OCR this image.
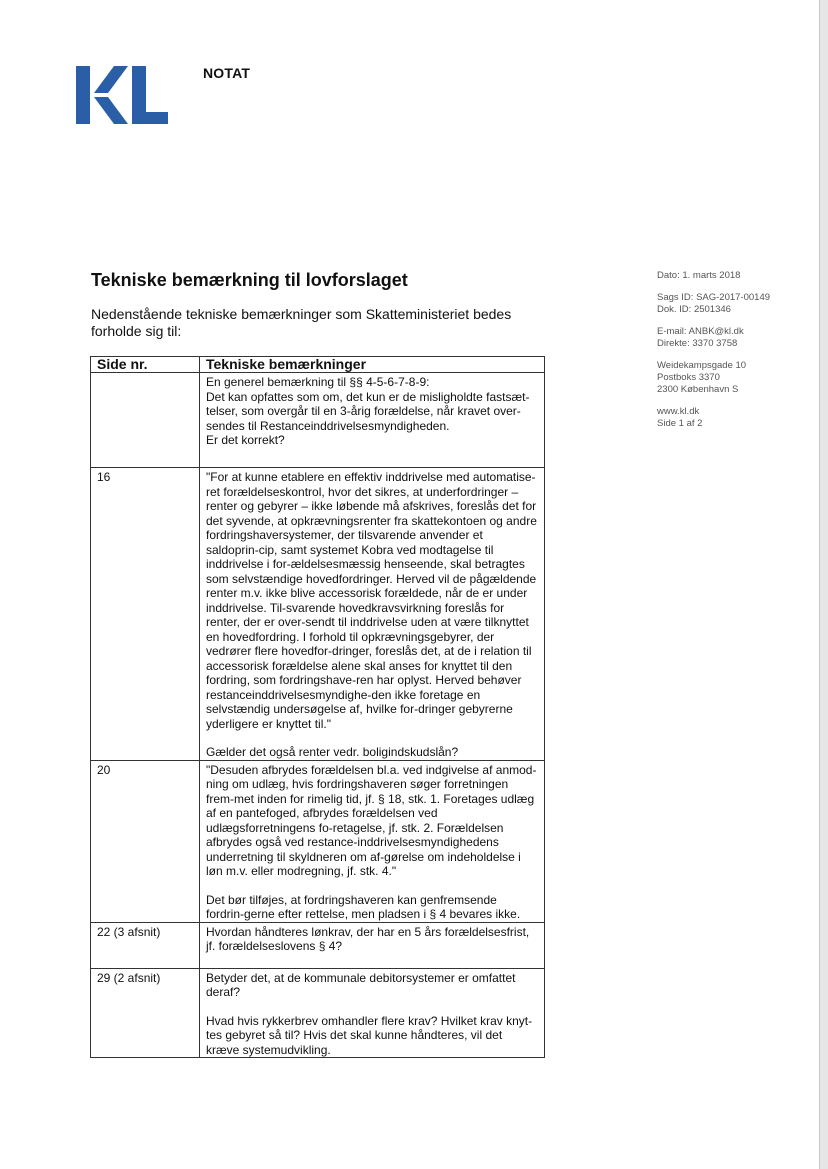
NOTAT
Tekniske bemærkning til lovforslaget
Nedenstående tekniske bemærkninger som Skatteministeriet bedes forholde sig til:
Dato: 1. marts 2018
Sags ID: SAG-2017-00149
Dok. ID: 2501346
E-mail: ANBK@kl.dk
Direkte: 3370 3758
Weidekampsgade 10
Postboks 3370
2300 København S
www.kl.dk
Side 1 af 2
Side nr.	Tekniske bemærkninger

	En generel bemærkning til §§ 4-5-6-7-8-9:

Det kan opfattes som om, det kun er de misligholdte fastsæt-telser, som overgår til en 3-årig forældelse, når kravet over-sendes til Restanceinddrivelsesmyndigheden.

Er det korrekt?

16	"For at kunne etablere en effektiv inddrivelse med automatise-ret forældelseskontrol, hvor det sikres, at underfordringer – renter og gebyrer – ikke løbende må afskrives, foreslås det for det syvende, at opkrævningsrenter fra skattekontoen og andre fordringshaversystemer, der tilsvarende anvender et saldoprin-cip, samt systemet Kobra ved modtagelse til inddrivelse i for-ældelsesmæssig henseende, skal betragtes som selvstændige hovedfordringer. Herved vil de pågældende renter m.v. ikke blive accessorisk forældede, når de er under inddrivelse. Til-svarende hovedkravsvirkning foreslås for renter, der er over-sendt til inddrivelse uden at være tilknyttet en hovedfordring. I forhold til opkrævningsgebyrer, der vedrører flere hovedfor-dringer, foreslås det, at de i relation til accessorisk forældelse alene skal anses for knyttet til den fordring, som fordringshave-ren har oplyst. Herved behøver restanceinddrivelsesmyndighe-den ikke foretage en selvstændig undersøgelse af, hvilke for-dringer gebyrerne yderligere er knyttet til."

Gælder det også renter vedr. boligindskudslån?

20	"Desuden afbrydes forældelsen bl.a. ved indgivelse af anmod-ning om udlæg, hvis fordringshaveren søger forretningen frem-met inden for rimelig tid, jf. § 18, stk. 1. Foretages udlæg af en pantefoged, afbrydes forældelsen ved udlægsforretningens fo-retagelse, jf. stk. 2. Forældelsen afbrydes også ved restance-inddrivelsesmyndighedens underretning til skyldneren om af-gørelse om indeholdelse i løn m.v. eller modregning, jf. stk. 4."

Det bør tilføjes, at fordringshaveren kan genfremsende fordrin-gerne efter rettelse, men pladsen i § 4 bevares ikke.

22 (3 afsnit)	Hvordan håndteres lønkrav, der har en 5 års forældelsesfrist, jf. forældelseslovens § 4?

29 (2 afsnit)	Betyder det, at de kommunale debitorsystemer er omfattet deraf?

Hvad hvis rykkerbrev omhandler flere krav? Hvilket krav knyt-tes gebyret så til? Hvis det skal kunne håndteres, vil det kræve systemudvikling.
